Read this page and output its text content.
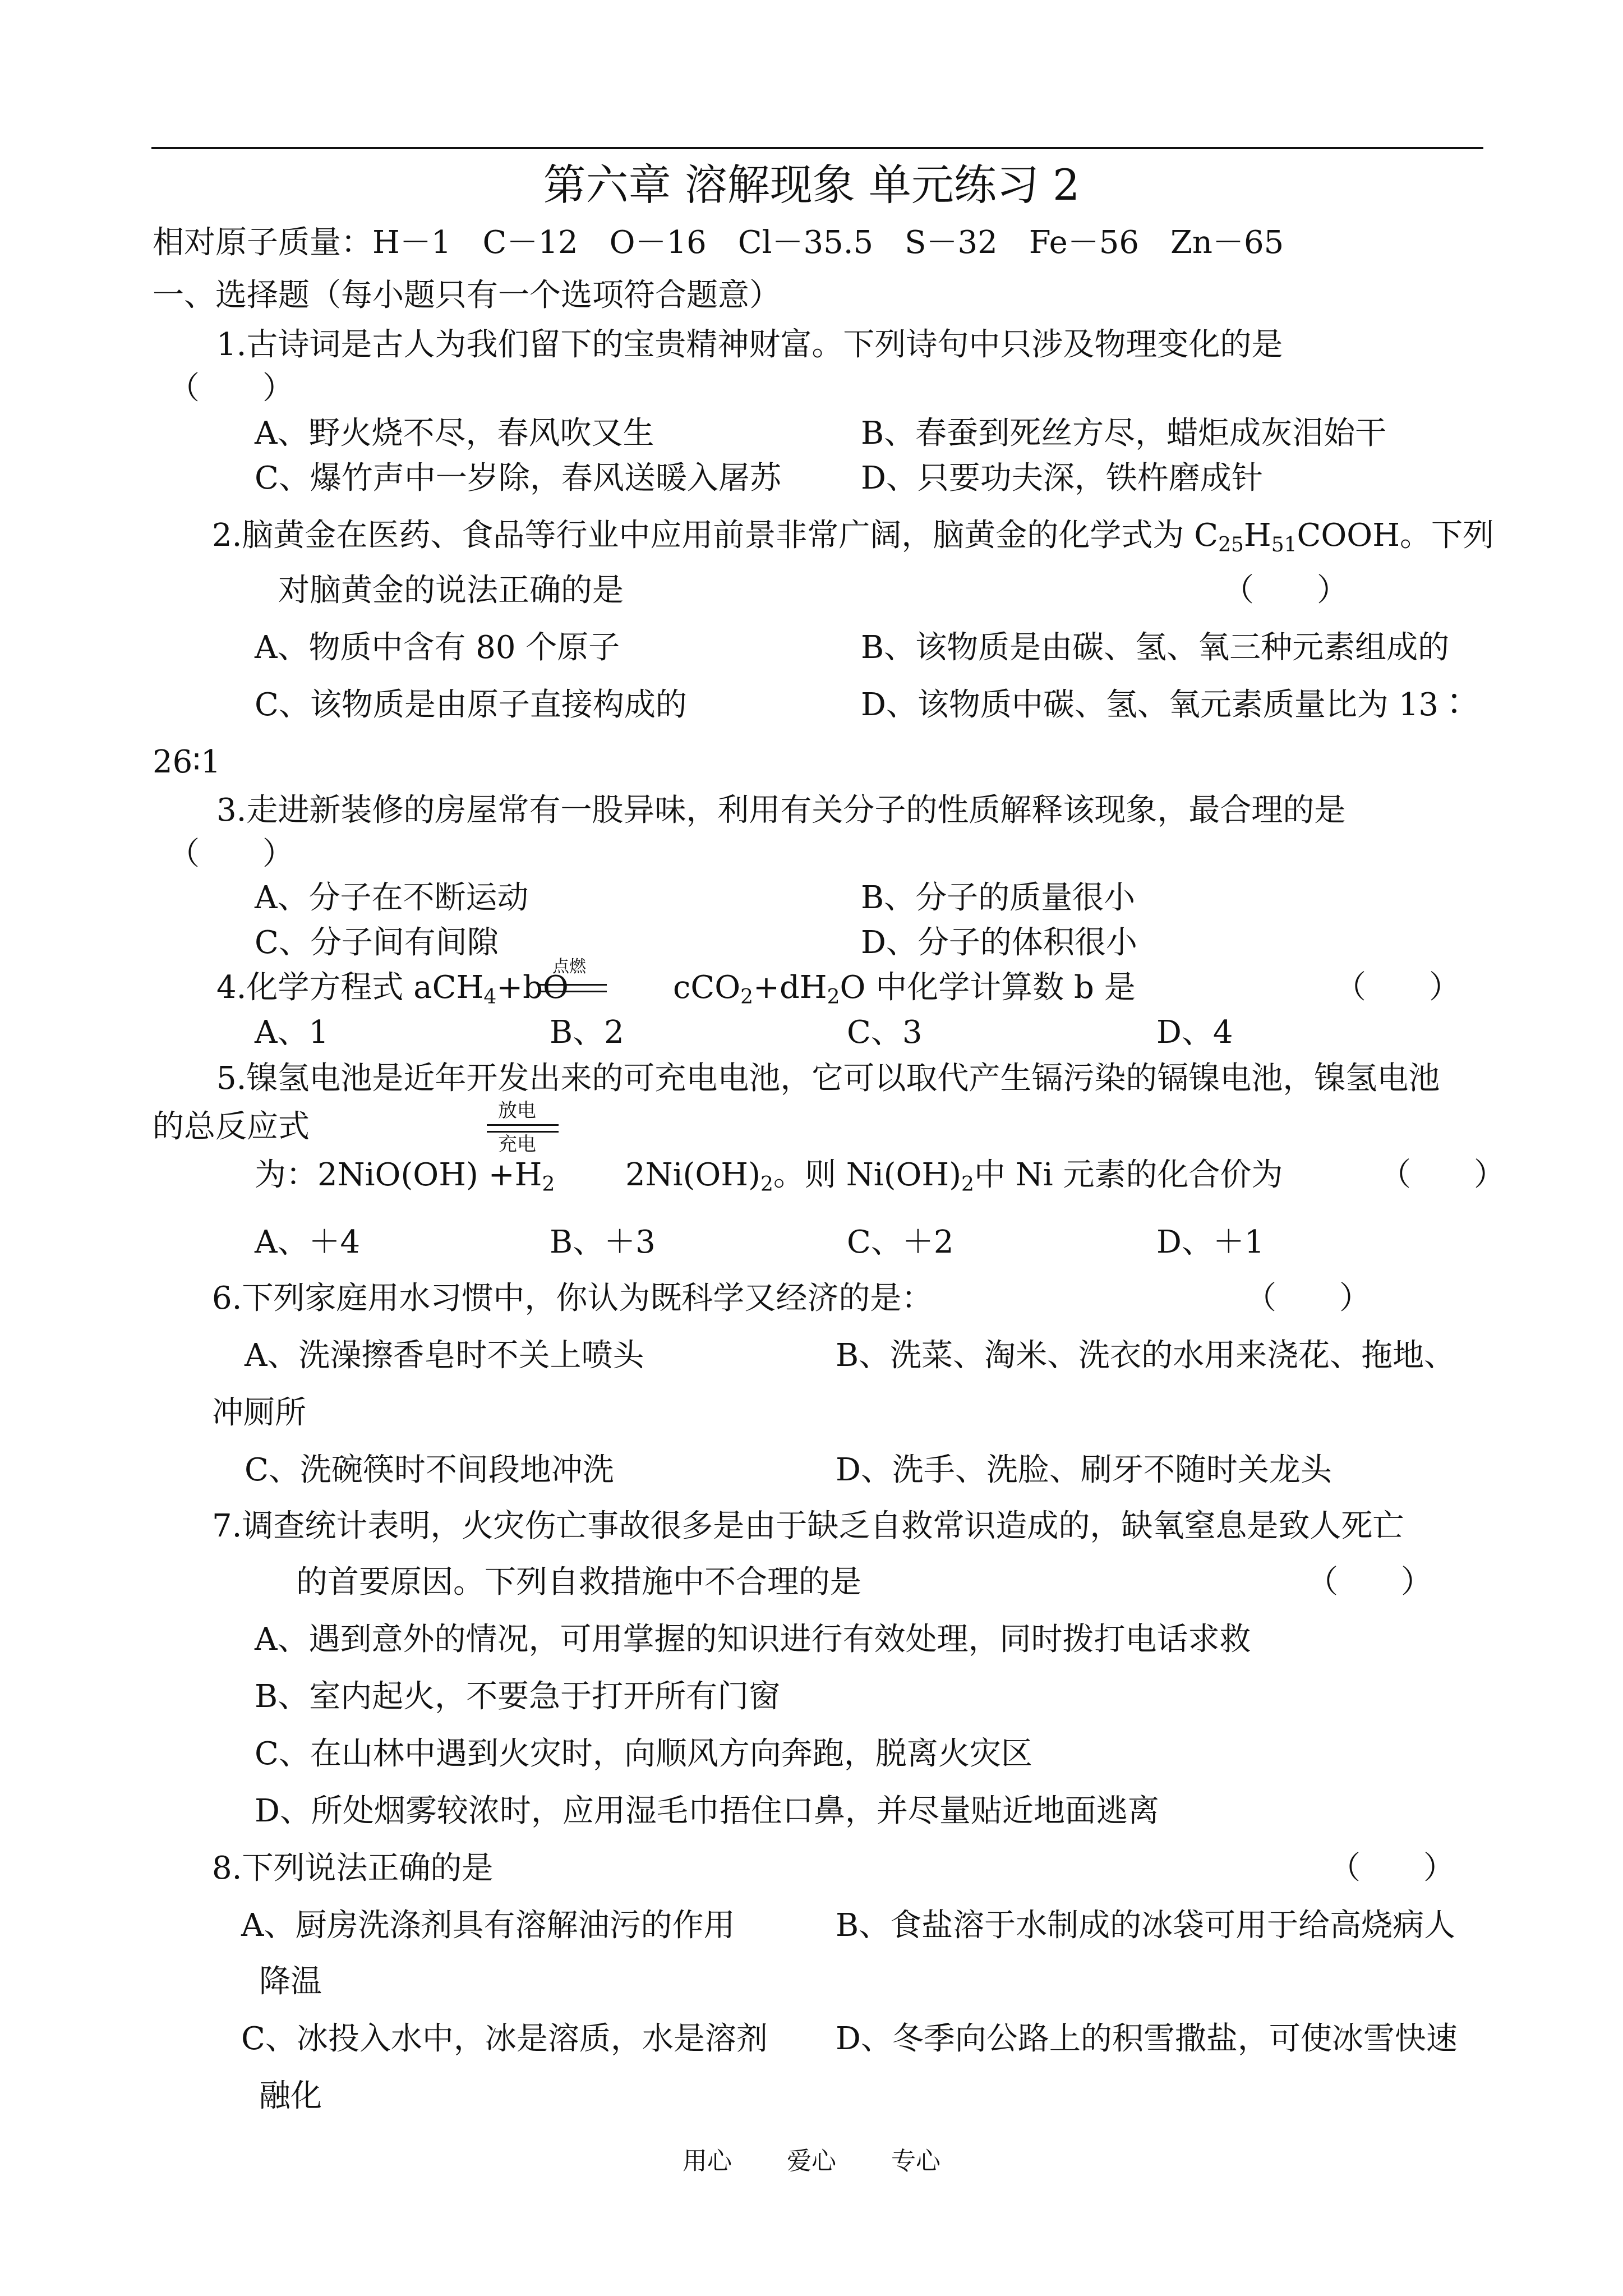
第六章 溶解现象 单元练习 2
相对原子质量：H－1　C－12　O－16　Cl－35.5　S－32　Fe－56　Zn－65
一、选择题（每小题只有一个选项符合题意）
1.古诗词是古人为我们留下的宝贵精神财富。下列诗句中只涉及物理变化的是
（　　）
A、野火烧不尽，春风吹又生	B、春蚕到死丝方尽，蜡炬成灰泪始干
C、爆竹声中一岁除，春风送暖入屠苏	D、只要功夫深，铁杵磨成针
2.脑黄金在医药、食品等行业中应用前景非常广阔，脑黄金的化学式为 $C_{25}H_{51}COOH$。下列
对脑黄金的说法正确的是	（　　）
A、物质中含有 80 个原子	B、该物质是由碳、氢、氧三种元素组成的
C、该物质是由原子直接构成的	D、该物质中碳、氢、氧元素质量比为 13∶
26∶1
3.走进新装修的房屋常有一股异味，利用有关分子的性质解释该现象，最合理的是
（　　）
A、分子在不断运动	B、分子的质量很小
C、分子间有间隙	D、分子的体积很小
4.化学方程式 aCH$_4$+bO
点燃
$cCO_2+dH_2O$ 中化学计算数 b 是	（　　）
A、1	B、2	C、3	D、4
5.镍氢电池是近年开发出来的可充电电池，它可以取代产生镉污染的镉镍电池，镍氢电池
的总反应式	放电
充电
为：$2NiO(OH) +H_2$ $2Ni(OH)_2$。则 $Ni(OH)_2$中 Ni 元素的化合价为	（　　）
A、＋4	B、＋3	C、＋2	D、＋1
6.下列家庭用水习惯中，你认为既科学又经济的是：	（　　）
A、洗澡擦香皂时不关上喷头	B、洗菜、淘米、洗衣的水用来浇花、拖地、
冲厕所
C、洗碗筷时不间段地冲洗	D、洗手、洗脸、刷牙不随时关龙头
7.调查统计表明，火灾伤亡事故很多是由于缺乏自救常识造成的，缺氧窒息是致人死亡
的首要原因。下列自救措施中不合理的是	（　　）
A、遇到意外的情况，可用掌握的知识进行有效处理，同时拨打电话求救
B、室内起火，不要急于打开所有门窗
C、在山林中遇到火灾时，向顺风方向奔跑，脱离火灾区
D、所处烟雾较浓时，应用湿毛巾捂住口鼻，并尽量贴近地面逃离
8.下列说法正确的是	（　　）
A、厨房洗涤剂具有溶解油污的作用	B、食盐溶于水制成的冰袋可用于给高烧病人
降温
C、冰投入水中，冰是溶质，水是溶剂 D、冬季向公路上的积雪撒盐，可使冰雪快速
融化
用心 爱心 专心
